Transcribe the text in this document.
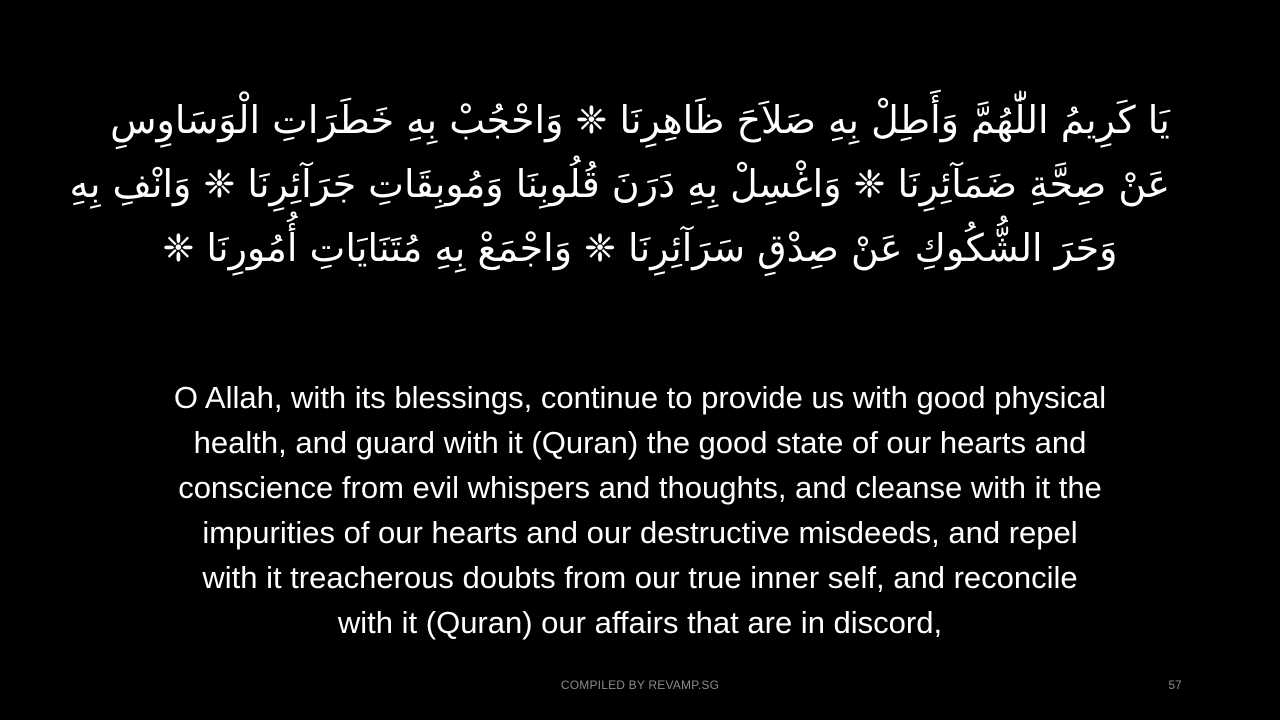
يَا كَرِيمُ اللّٰهُمَّ وَأَطِلْ بِهِ صَلاَحَ ظَاهِرِنَا ❈ وَاحْجُبْ بِهِ خَطَرَاتِ الْوَسَاوِسِ
عَنْ صِحَّةِ ضَمَآئِرِنَا ❈ وَاغْسِلْ بِهِ دَرَنَ قُلُوبِنَا وَمُوبِقَاتِ جَرَآئِرِنَا ❈ وَانْفِ بِهِ
وَحَرَ الشُّكُوكِ عَنْ صِدْقِ سَرَآئِرِنَا ❈ وَاجْمَعْ بِهِ مُتَنَايَاتِ أُمُورِنَا ❈
O Allah, with its blessings, continue to provide us with good physical
health, and guard with it (Quran) the good state of our hearts and
conscience from evil whispers and thoughts, and cleanse with it the
impurities of our hearts and our destructive misdeeds, and repel
with it treacherous doubts from our true inner self, and reconcile
with it (Quran) our affairs that are in discord,
COMPILED BY REVAMP.SG	57
